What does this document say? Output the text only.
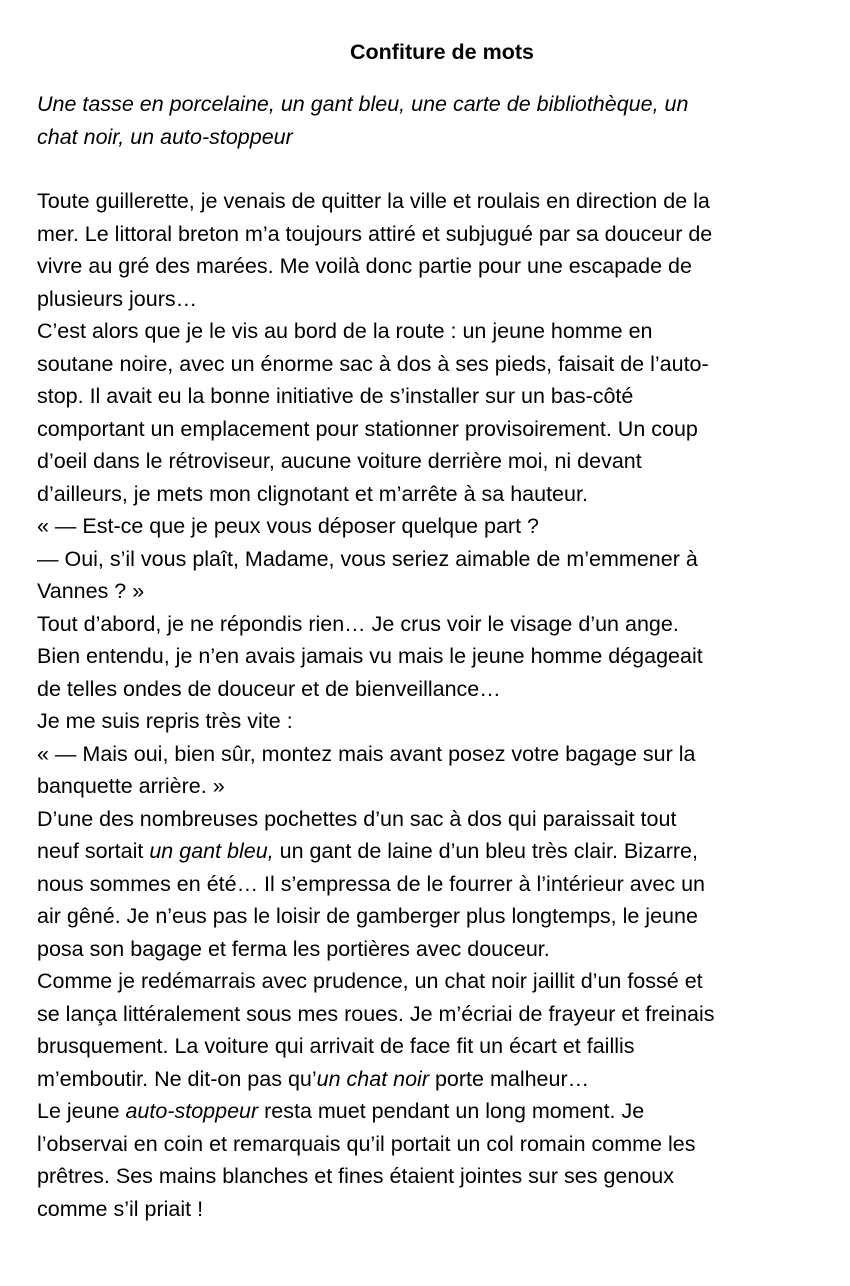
Confiture de mots
Une tasse en porcelaine, un gant bleu, une carte de bibliothèque, un
chat noir, un auto-stoppeur
Toute guillerette, je venais de quitter la ville et roulais en direction de la
mer. Le littoral breton m’a toujours attiré et subjugué par sa douceur de
vivre au gré des marées. Me voilà donc partie pour une escapade de
plusieurs jours…
C’est alors que je le vis au bord de la route : un jeune homme en
soutane noire, avec un énorme sac à dos à ses pieds, faisait de l’auto-
stop. Il avait eu la bonne initiative de s’installer sur un bas-côté
comportant un emplacement pour stationner provisoirement. Un coup
d’oeil dans le rétroviseur, aucune voiture derrière moi, ni devant
d’ailleurs, je mets mon clignotant et m’arrête à sa hauteur.
« — Est-ce que je peux vous déposer quelque part ?
— Oui, s’il vous plaît, Madame, vous seriez aimable de m’emmener à
Vannes ? »
Tout d’abord, je ne répondis rien… Je crus voir le visage d’un ange.
Bien entendu, je n’en avais jamais vu mais le jeune homme dégageait
de telles ondes de douceur et de bienveillance…
Je me suis repris très vite :
« — Mais oui, bien sûr, montez mais avant posez votre bagage sur la
banquette arrière. »
D’une des nombreuses pochettes d’un sac à dos qui paraissait tout
neuf sortait un gant bleu, un gant de laine d’un bleu très clair. Bizarre,
nous sommes en été… Il s’empressa de le fourrer à l’intérieur avec un
air gêné. Je n’eus pas le loisir de gamberger plus longtemps, le jeune
posa son bagage et ferma les portières avec douceur.
Comme je redémarrais avec prudence, un chat noir jaillit d’un fossé et
se lança littéralement sous mes roues. Je m’écriai de frayeur et freinais
brusquement. La voiture qui arrivait de face fit un écart et faillis
m’emboutir. Ne dit-on pas qu’un chat noir porte malheur…
Le jeune auto-stoppeur resta muet pendant un long moment. Je
l’observai en coin et remarquais qu’il portait un col romain comme les
prêtres. Ses mains blanches et fines étaient jointes sur ses genoux
comme s’il priait !
